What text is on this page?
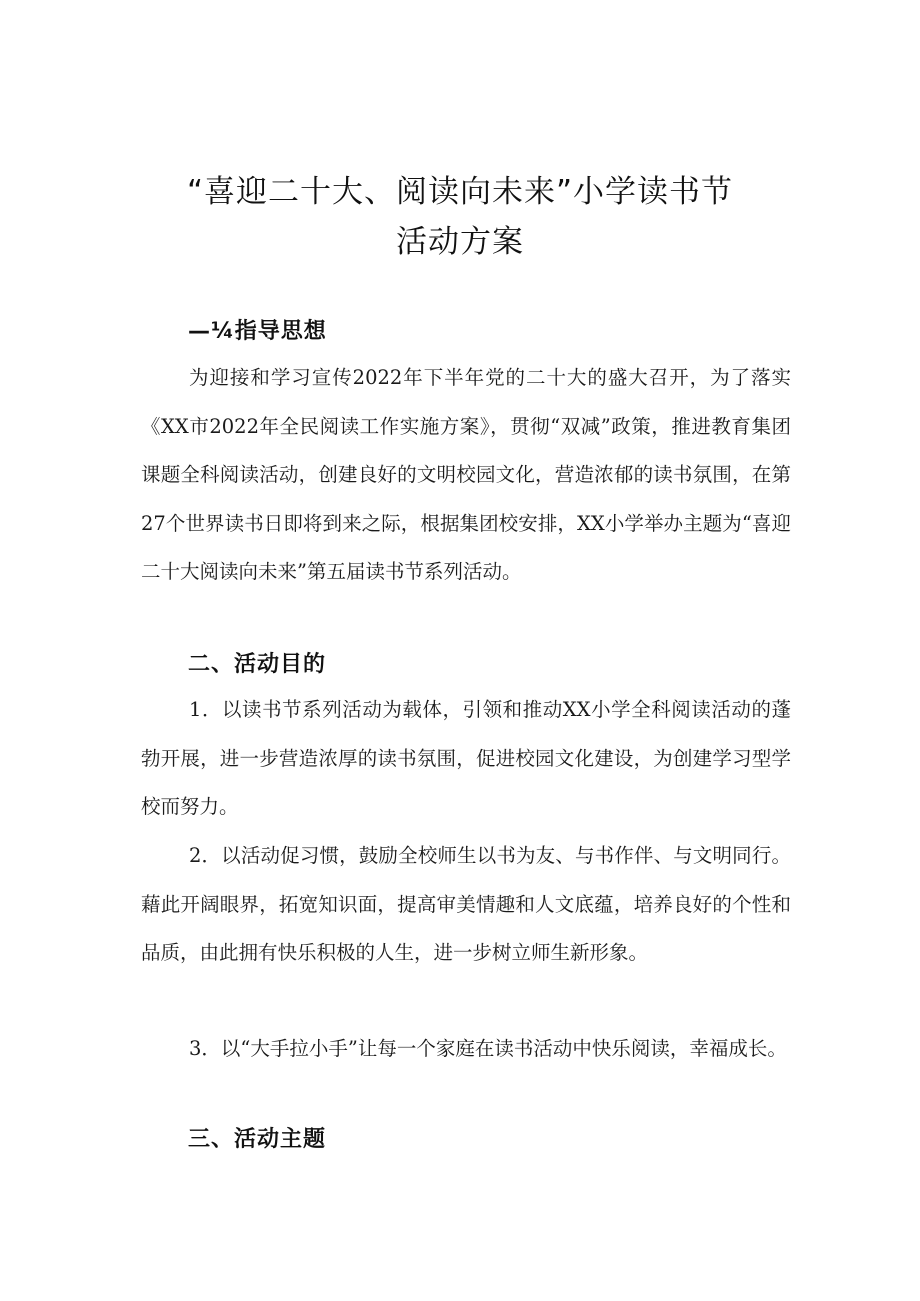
“喜迎二十大、阅读向未来”小学读书节
活动方案
—¼指导思想

为迎接和学习宣传2022年下半年党的二十大的盛大召开，为了落实《XX市2022年全民阅读工作实施方案》，贯彻“双减”政策，推进教育集团课题全科阅读活动，创建良好的文明校园文化，营造浓郁的读书氛围，在第27个世界读书日即将到来之际，根据集团校安排，XX小学举办主题为“喜迎二十大阅读向未来”第五届读书节系列活动。

二、活动目的

1．以读书节系列活动为载体，引领和推动XX小学全科阅读活动的蓬勃开展，进一步营造浓厚的读书氛围，促进校园文化建设，为创建学习型学校而努力。

2．以活动促习惯，鼓励全校师生以书为友、与书作伴、与文明同行。藉此开阔眼界，拓宽知识面，提高审美情趣和人文底蕴，培养良好的个性和品质，由此拥有快乐积极的人生，进一步树立师生新形象。

3．以“大手拉小手”让每一个家庭在读书活动中快乐阅读，幸福成长。

三、活动主题
